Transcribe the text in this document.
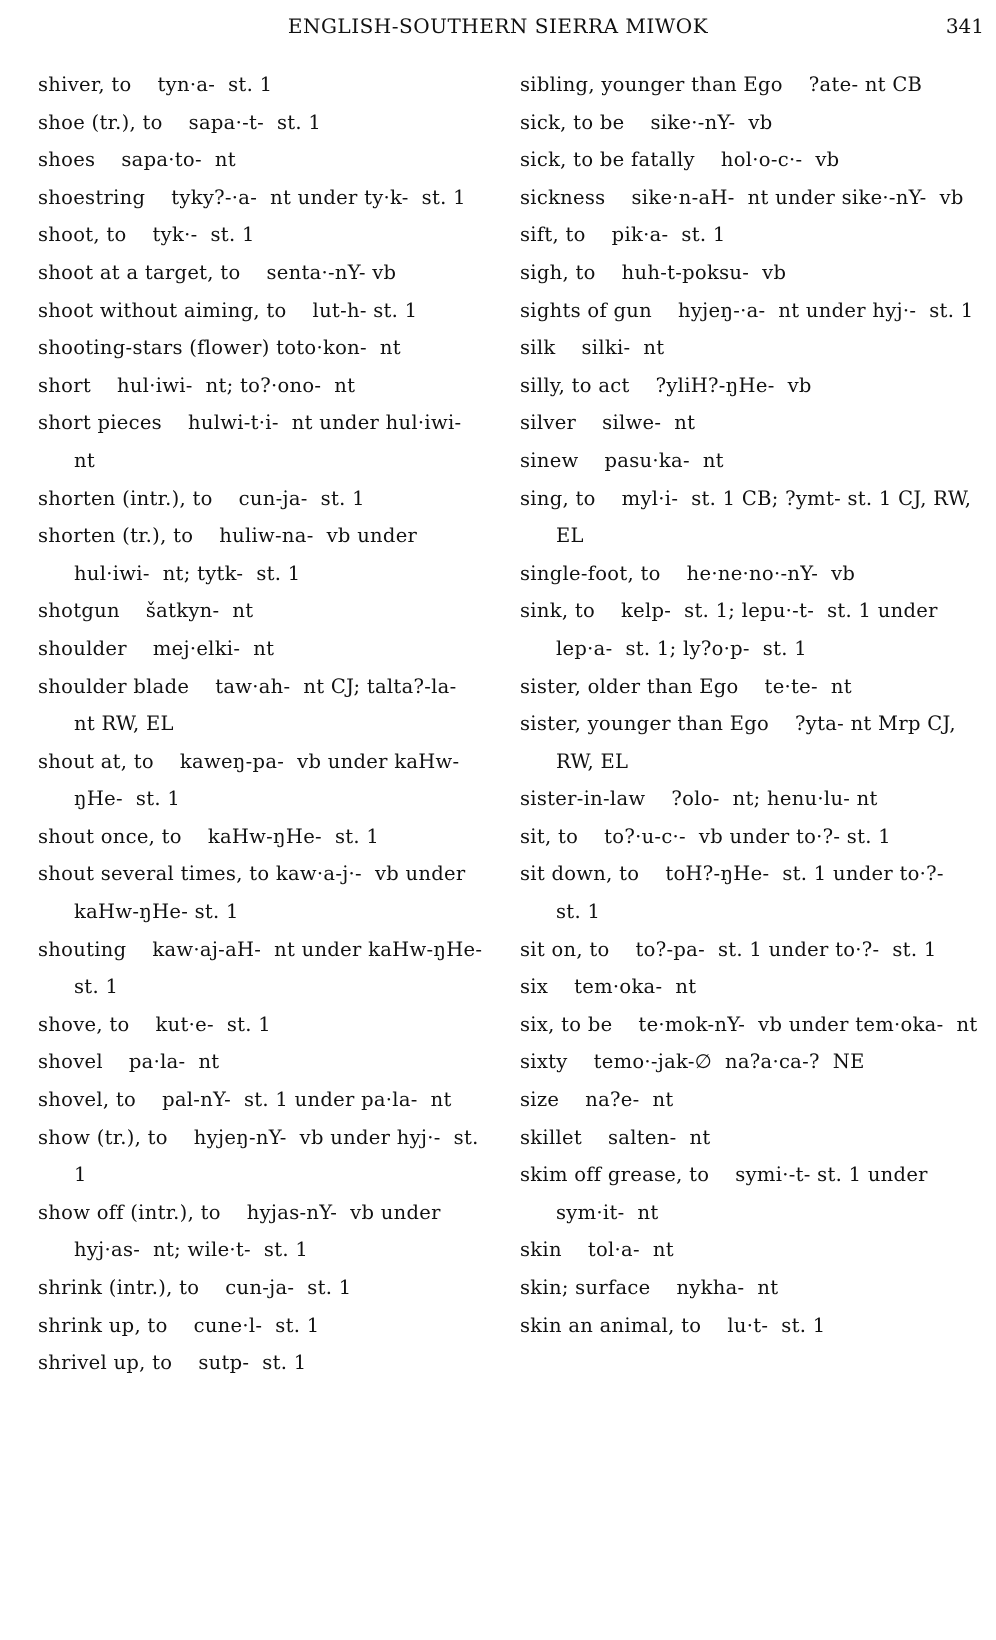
ENGLISH-SOUTHERN SIERRA MIWOK	341

shiver, to    tyn·a-  st. 1

shoe (tr.), to    sapa·-t-  st. 1

shoes    sapa·to-  nt

shoestring    tyky?-·a-  nt under ty·k-  st. 1

shoot, to    tyk·-  st. 1

shoot at a target, to    senta·-nY- vb

shoot without aiming, to    lut-h- st. 1

shooting-stars (flower) toto·kon-  nt

short    hul·iwi-  nt; to?·ono-  nt

short pieces    hulwi-t·i-  nt under hul·iwi-  nt

shorten (intr.), to    cun-ja-  st. 1

shorten (tr.), to    huliw-na-  vb under hul·iwi-  nt; tytk-  st. 1

shotgun    šatkyn-  nt

shoulder    mej·elki-  nt

shoulder blade    taw·ah-  nt CJ; talta?-la-  nt RW, EL

shout at, to    kaweŋ-pa-  vb under kaHw-ŋHe-  st. 1

shout once, to    kaHw-ŋHe-  st. 1

shout several times, to kaw·a-j·-  vb under kaHw-ŋHe- st. 1

shouting    kaw·aj-aH-  nt under kaHw-ŋHe-  st. 1

shove, to    kut·e-  st. 1

shovel    pa·la-  nt

shovel, to    pal-nY-  st. 1 under pa·la-  nt

show (tr.), to    hyjeŋ-nY-  vb under hyj·-  st. 1

show off (intr.), to    hyjas-nY-  vb under hyj·as-  nt; wile·t-  st. 1

shrink (intr.), to    cun-ja-  st. 1

shrink up, to    cune·l-  st. 1

shrivel up, to    sutp-  st. 1

sibling, younger than Ego    ?ate- nt CB

sick, to be    sike·-nY-  vb

sick, to be fatally    hol·o-c·-  vb

sickness    sike·n-aH-  nt under sike·-nY-  vb

sift, to    pik·a-  st. 1

sigh, to    huh-t-poksu-  vb

sights of gun    hyjeŋ-·a-  nt under hyj·-  st. 1

silk    silki-  nt

silly, to act    ?yliH?-ŋHe-  vb

silver    silwe-  nt

sinew    pasu·ka-  nt

sing, to    myl·i-  st. 1 CB; ?ymt- st. 1 CJ, RW, EL

single-foot, to    he·ne·no·-nY-  vb

sink, to    kelp-  st. 1; lepu·-t-  st. 1 under lep·a-  st. 1; ly?o·p-  st. 1

sister, older than Ego    te·te-  nt

sister, younger than Ego    ?yta- nt Mrp CJ, RW, EL

sister-in-law    ?olo-  nt; henu·lu- nt

sit, to    to?·u-c·-  vb under to·?- st. 1

sit down, to    toH?-ŋHe-  st. 1 under to·?-  st. 1

sit on, to    to?-pa-  st. 1 under to·?-  st. 1

six    tem·oka-  nt

six, to be    te·mok-nY-  vb under tem·oka-  nt

sixty    temo·-jak-∅  na?a·ca-?  NE

size    na?e-  nt

skillet    salten-  nt

skim off grease, to    symi·-t- st. 1 under sym·it-  nt

skin    tol·a-  nt

skin; surface    nykha-  nt

skin an animal, to    lu·t-  st. 1
